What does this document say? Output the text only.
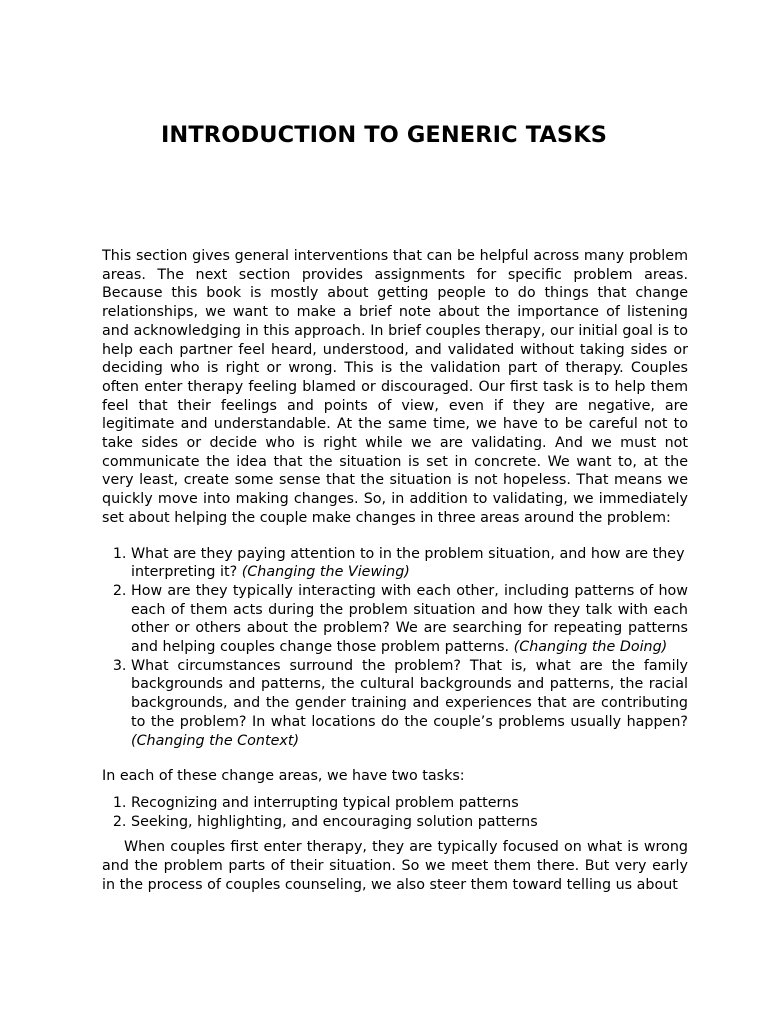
INTRODUCTION TO GENERIC TASKS

This section gives general interventions that can be helpful across many problem areas. The next section provides assignments for specific problem areas. Because this book is mostly about getting people to do things that change relationships, we want to make a brief note about the importance of listening and acknowledging in this approach. In brief couples therapy, our initial goal is to help each partner feel heard, understood, and validated without taking sides or deciding who is right or wrong. This is the validation part of therapy. Couples often enter therapy feeling blamed or discouraged. Our first task is to help them feel that their feelings and points of view, even if they are negative, are legitimate and understandable. At the same time, we have to be careful not to take sides or decide who is right while we are validating. And we must not communicate the idea that the situation is set in concrete. We want to, at the very least, create some sense that the situation is not hopeless. That means we quickly move into making changes. So, in addition to validating, we immediately set about helping the couple make changes in three areas around the problem:

1. What are they paying attention to in the problem situation, and how are they
interpreting it? (Changing the Viewing)
2. How are they typically interacting with each other, including patterns of how each of them acts during the problem situation and how they talk with each other or others about the problem? We are searching for repeating patterns and helping couples change those problem patterns. (Changing the Doing)
3. What circumstances surround the problem? That is, what are the family backgrounds and patterns, the cultural backgrounds and patterns, the racial backgrounds, and the gender training and experiences that are contributing to the problem? In what locations do the couple’s problems usually happen? (Changing the Context)

In each of these change areas, we have two tasks:

1. Recognizing and interrupting typical problem patterns
2. Seeking, highlighting, and encouraging solution patterns

When couples first enter therapy, they are typically focused on what is wrong and the problem parts of their situation. So we meet them there. But very early in the process of couples counseling, we also steer them toward telling us about
